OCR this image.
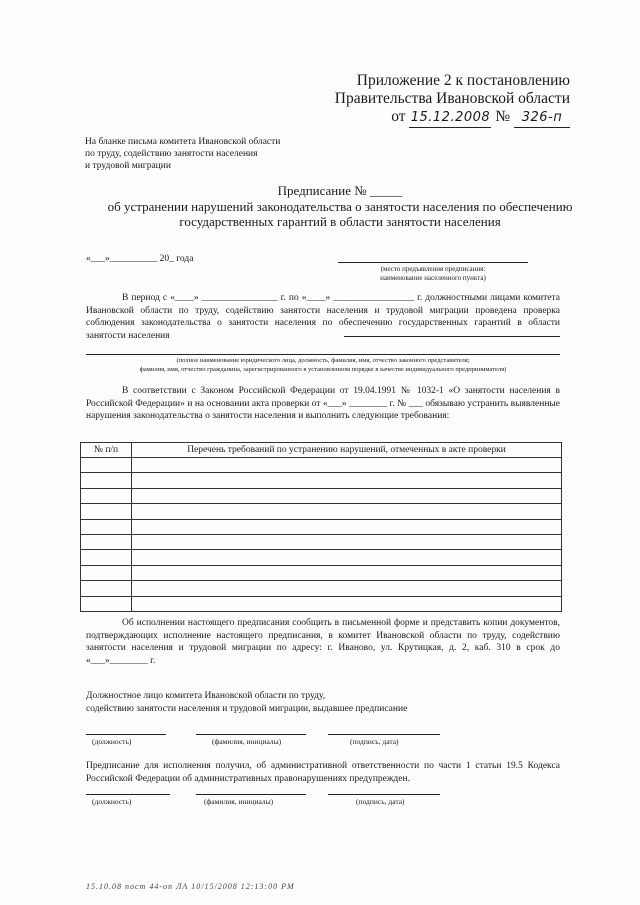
Приложение 2 к постановлению
Правительства Ивановской области
от 15.12.2008 № 326-п
На бланке письма комитета Ивановской области
по труду, содействию занятости населения
и трудовой миграции
Предписание № _____
об устранении нарушений законодательства о занятости населения по обеспечению
государственных гарантий в области занятости населения
«___»__________ 20_ года
(место предъявления предписания:
наименование населенного пункта)
В период с «____» ________________ г. по «____» _________________ г. должностными лицами комитета Ивановской области по труду, содействию занятости населения и трудовой миграции проведена проверка соблюдения законодательства о занятости населения по обеспечению государственных гарантий в области занятости населения
(полное наименование юридического лица, должность, фамилия, имя, отчество законного представителя;
фамилия, имя, отчество гражданина, зарегистрированного в установленном порядке в качестве индивидуального предпринимателя)
В соответствии с Законом Российской Федерации от 19.04.1991 № 1032-1 «О занятости населения в Российской Федерации» и на основании акта проверки от «___» ________ г. № ___ обязываю устранить выявленные нарушения законодательства о занятости населения и выполнить следующие требования:
№ п/п	Перечень требований по устранению нарушений, отмеченных в акте проверки

Об исполнении настоящего предписания сообщить в письменной форме и представить копии документов, подтверждающих исполнение настоящего предписания, в комитет Ивановской области по труду, содействию занятости населения и трудовой миграции по адресу: г. Иваново, ул. Крутицкая, д. 2, каб. 310 в срок до «___»________ г.
Должностное лицо комитета Ивановской области по труду,
содействию занятости населения и трудовой миграции, выдавшее предписание
(должность)	(фамилия, инициалы)	(подпись, дата)
Предписание для исполнения получил, об административной ответственности по части 1 статьи 19.5 Кодекса Российской Федерации об административных правонарушениях предупрежден.
(должность)	(фамилия, инициалы)	(подпись, дата)
15.10.08 пост 44-оп ЛА 10/15/2008 12:13:00 PM
